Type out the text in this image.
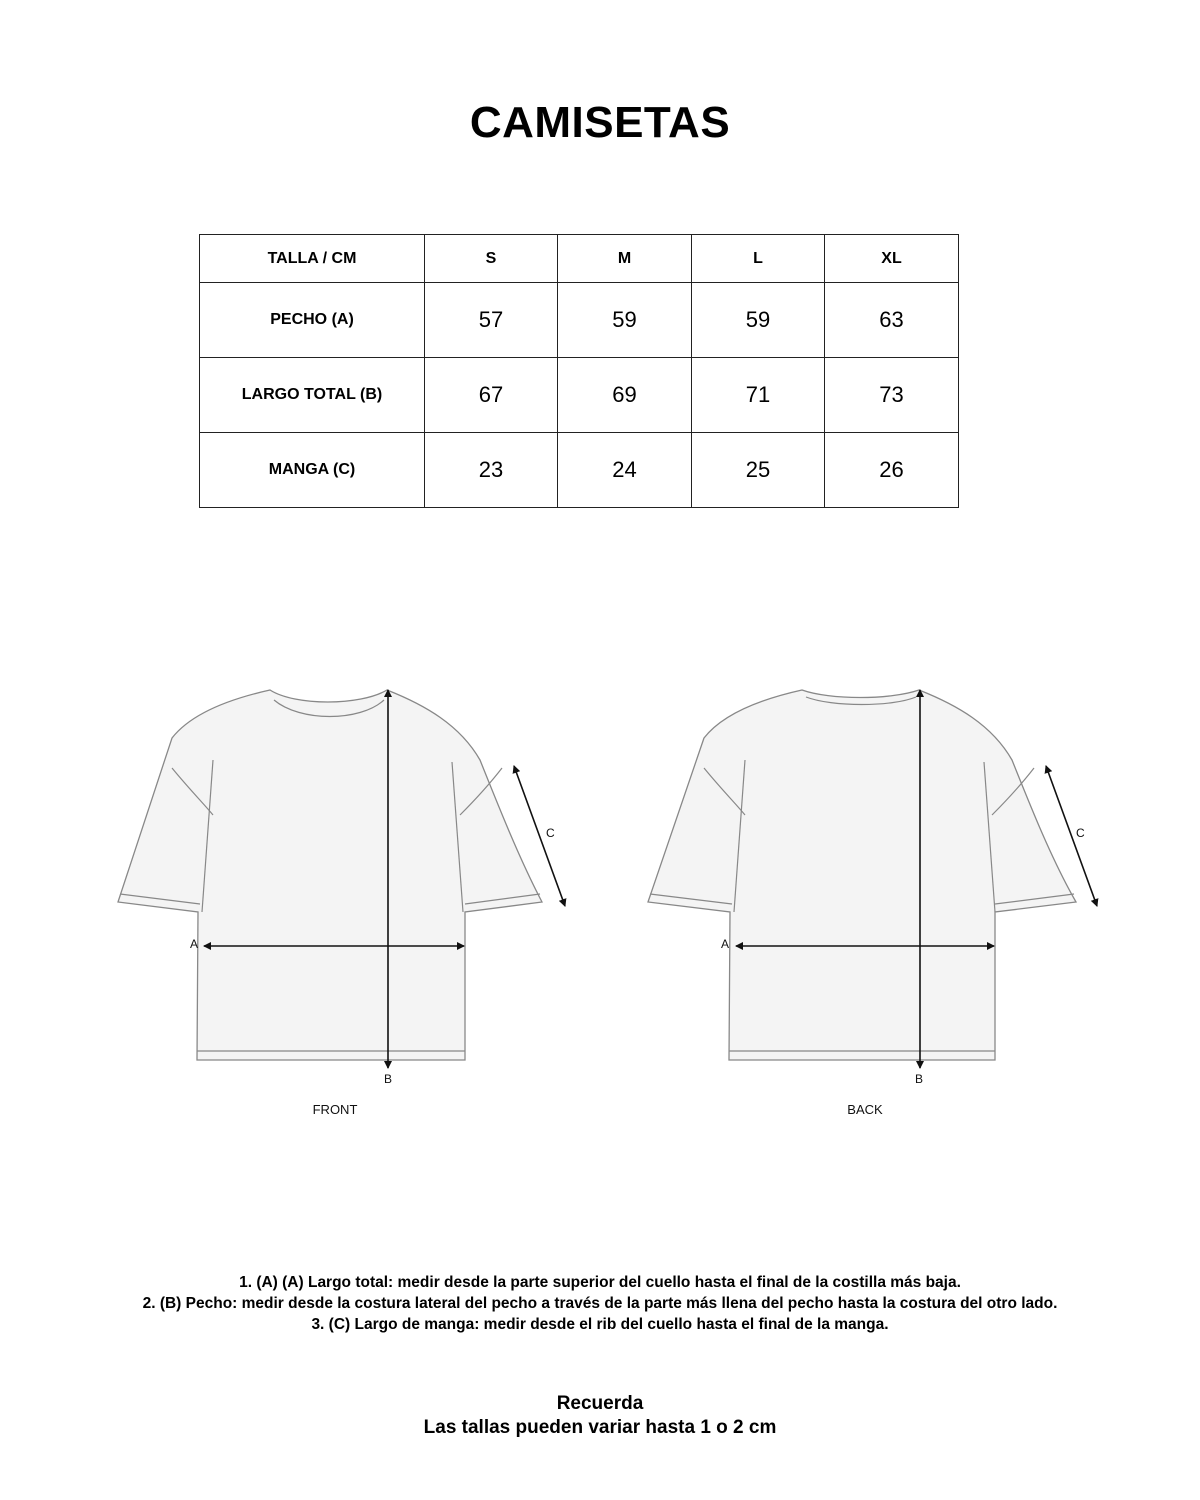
CAMISETAS
TALLA / CM	S	M	L	XL
PECHO (A)	57	59	59	63
LARGO TOTAL (B)	67	69	71	73
MANGA (C)	23	24	25	26
A
B
C
FRONT
A
B
C
BACK
1. (A) (A) Largo total: medir desde la parte superior del cuello hasta el final de la costilla más baja.
2. (B) Pecho: medir desde la costura lateral del pecho a través de la parte más llena del pecho hasta la costura del otro lado.
3. (C) Largo de manga: medir desde el rib del cuello hasta el final de la manga.
Recuerda
Las tallas pueden variar hasta 1 o 2 cm
